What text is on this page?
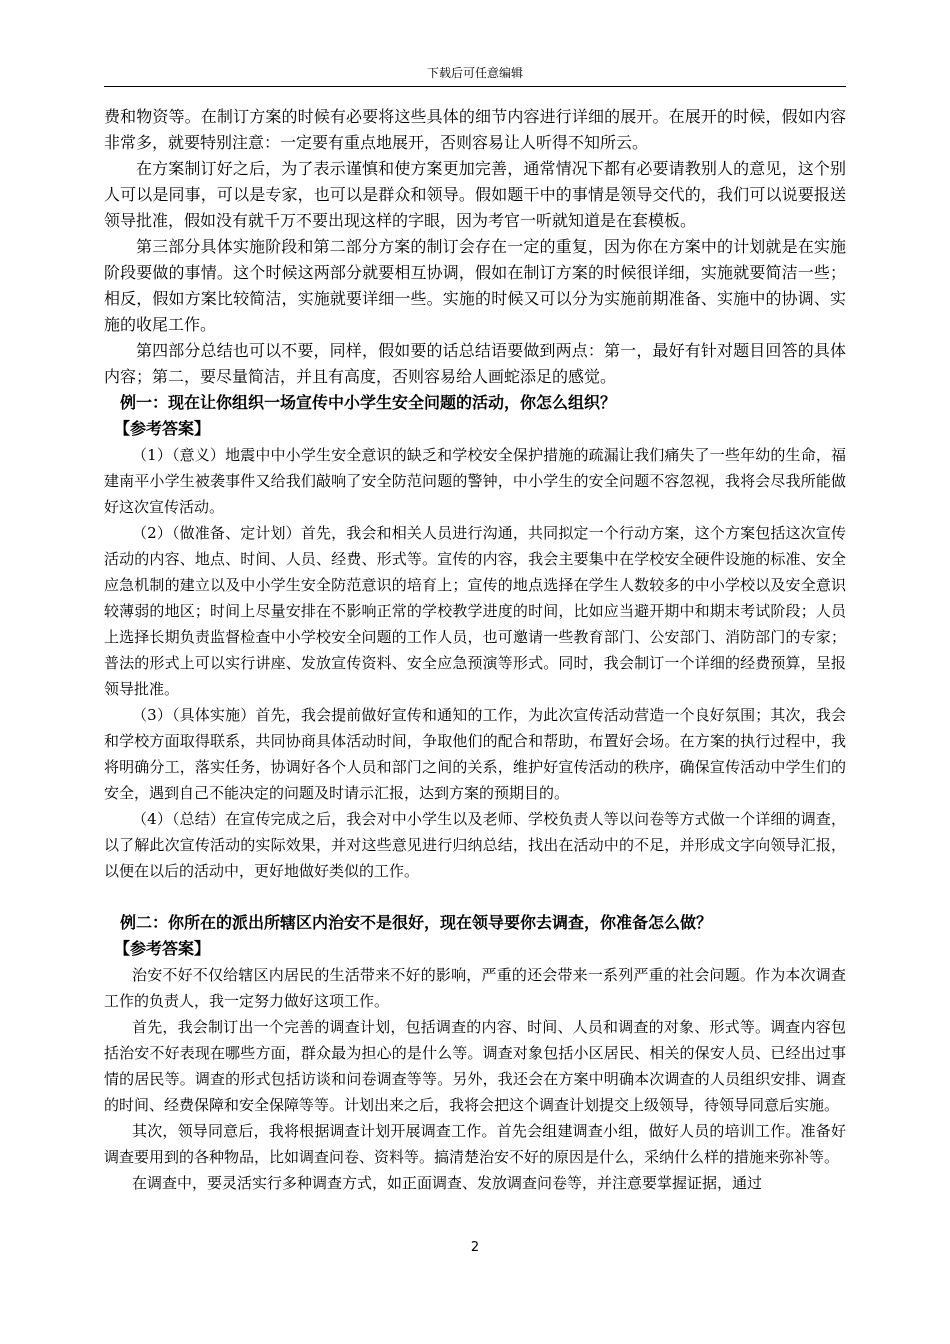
下载后可任意编辑

费和物资等。在制订方案的时候有必要将这些具体的细节内容进行详细的展开。在展开的时候，假如内容非常多，就要特别注意：一定要有重点地展开，否则容易让人听得不知所云。

在方案制订好之后，为了表示谨慎和使方案更加完善，通常情况下都有必要请教别人的意见，这个别人可以是同事，可以是专家，也可以是群众和领导。假如题干中的事情是领导交代的，我们可以说要报送领导批准，假如没有就千万不要出现这样的字眼，因为考官一听就知道是在套模板。

第三部分具体实施阶段和第二部分方案的制订会存在一定的重复，因为你在方案中的计划就是在实施阶段要做的事情。这个时候这两部分就要相互协调，假如在制订方案的时候很详细，实施就要简洁一些；相反，假如方案比较简洁，实施就要详细一些。实施的时候又可以分为实施前期准备、实施中的协调、实施的收尾工作。

第四部分总结也可以不要，同样，假如要的话总结语要做到两点：第一，最好有针对题目回答的具体内容；第二，要尽量简洁，并且有高度，否则容易给人画蛇添足的感觉。

例一：现在让你组织一场宣传中小学生安全问题的活动，你怎么组织？

【参考答案】

（1）（意义）地震中中小学生安全意识的缺乏和学校安全保护措施的疏漏让我们痛失了一些年幼的生命，福建南平小学生被袭事件又给我们敲响了安全防范问题的警钟，中小学生的安全问题不容忽视，我将会尽我所能做好这次宣传活动。

（2）（做准备、定计划）首先，我会和相关人员进行沟通，共同拟定一个行动方案，这个方案包括这次宣传活动的内容、地点、时间、人员、经费、形式等。宣传的内容，我会主要集中在学校安全硬件设施的标准、安全应急机制的建立以及中小学生安全防范意识的培育上；宣传的地点选择在学生人数较多的中小学校以及安全意识较薄弱的地区；时间上尽量安排在不影响正常的学校教学进度的时间，比如应当避开期中和期末考试阶段；人员上选择长期负责监督检查中小学校安全问题的工作人员，也可邀请一些教育部门、公安部门、消防部门的专家；普法的形式上可以实行讲座、发放宣传资料、安全应急预演等形式。同时，我会制订一个详细的经费预算，呈报领导批准。

（3）（具体实施）首先，我会提前做好宣传和通知的工作，为此次宣传活动营造一个良好氛围；其次，我会和学校方面取得联系，共同协商具体活动时间，争取他们的配合和帮助，布置好会场。在方案的执行过程中，我将明确分工，落实任务，协调好各个人员和部门之间的关系，维护好宣传活动的秩序，确保宣传活动中学生们的安全，遇到自己不能决定的问题及时请示汇报，达到方案的预期目的。

（4）（总结）在宣传完成之后，我会对中小学生以及老师、学校负责人等以问卷等方式做一个详细的调查，以了解此次宣传活动的实际效果，并对这些意见进行归纳总结，找出在活动中的不足，并形成文字向领导汇报，以便在以后的活动中，更好地做好类似的工作。

例二：你所在的派出所辖区内治安不是很好，现在领导要你去调查，你准备怎么做？

【参考答案】

治安不好不仅给辖区内居民的生活带来不好的影响，严重的还会带来一系列严重的社会问题。作为本次调查工作的负责人，我一定努力做好这项工作。

首先，我会制订出一个完善的调查计划，包括调查的内容、时间、人员和调查的对象、形式等。调查内容包括治安不好表现在哪些方面，群众最为担心的是什么等。调查对象包括小区居民、相关的保安人员、已经出过事情的居民等。调查的形式包括访谈和问卷调查等等。另外，我还会在方案中明确本次调查的人员组织安排、调查的时间、经费保障和安全保障等等。计划出来之后，我将会把这个调查计划提交上级领导，待领导同意后实施。

其次，领导同意后，我将根据调查计划开展调查工作。首先会组建调查小组，做好人员的培训工作。准备好调查要用到的各种物品，比如调查问卷、资料等。搞清楚治安不好的原因是什么，采纳什么样的措施来弥补等。

在调查中，要灵活实行多种调查方式，如正面调查、发放调查问卷等，并注意要掌握证据，通过

2
